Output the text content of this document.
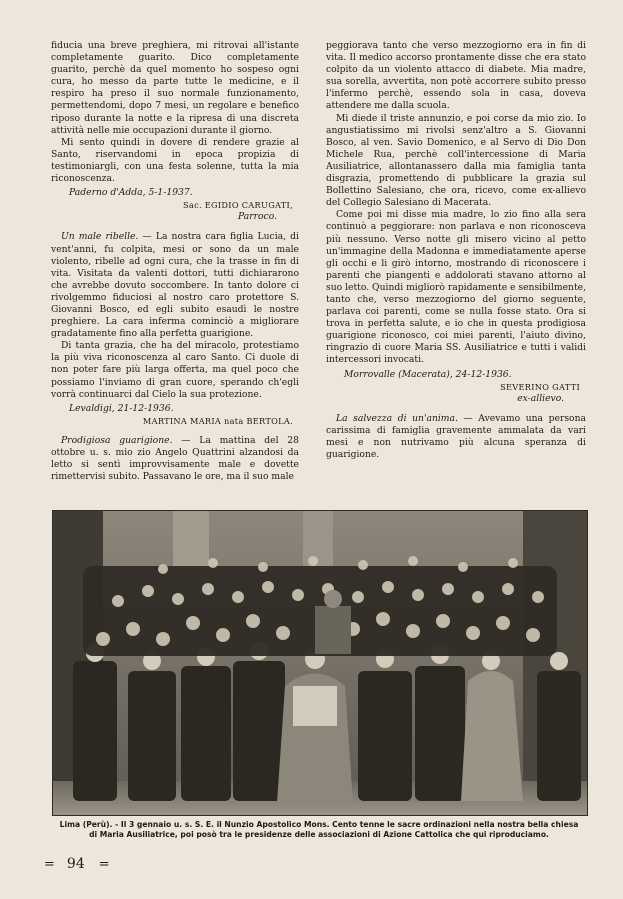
fiducia una breve preghiera, mi ritrovai all'istante completamente guarito. Dico completamente guarito, perchè da quel momento ho sospeso ogni cura, ho messo da parte tutte le medicine, e il respiro ha preso il suo normale funzionamento, permettendomi, dopo 7 mesi, un regolare e benefico riposo durante la notte e la ripresa di una discreta attività nelle mie occupazioni durante il giorno.

Mi sento quindi in dovere di rendere grazie al Santo, riservandomi in epoca propizia di testimoniargli, con una festa solenne, tutta la mia riconoscenza.

Paderno d'Adda, 5-1-1937.
Sac. EGIDIO CARUGATI,
Parroco.

Un male ribelle. — La nostra cara figlia Lucia, di vent'anni, fu colpita, mesi or sono da un male violento, ribelle ad ogni cura, che la trasse in fin di vita. Visitata da valenti dottori, tutti dichiararono che avrebbe dovuto soccombere. In tanto dolore ci rivolgemmo fiduciosi al nostro caro protettore S. Giovanni Bosco, ed egli subito esaudì le nostre preghiere. La cara inferma cominciò a migliorare gradatamente fino alla perfetta guarigione.

Di tanta grazia, che ha del miracolo, protestiamo la più viva riconoscenza al caro Santo. Ci duole di non poter fare più larga offerta, ma quel poco che possiamo l'inviamo di gran cuore, sperando ch'egli vorrà continuarci dal Cielo la sua protezione.

Levaldigi, 21-12-1936.
MARTINA MARIA nata BERTOLA.

Prodigiosa guarigione. — La mattina del 28 ottobre u. s. mio zio Angelo Quattrini alzandosi da letto si sentì improvvisamente male e dovette rimettervisi subito. Passavano le ore, ma il suo male

peggiorava tanto che verso mezzogiorno era in fin di vita. Il medico accorso prontamente disse che era stato colpito da un violento attacco di diabete. Mia madre, sua sorella, avvertita, non potè accorrere subito presso l'infermo perchè, essendo sola in casa, doveva attendere me dalla scuola.

Mi diede il triste annunzio, e poi corse da mio zio. Io angustiatissimo mi rivolsi senz'altro a S. Giovanni Bosco, al ven. Savio Domenico, e al Servo di Dio Don Michele Rua, perchè coll'intercessione di Maria Ausiliatrice, allontanassero dalla mia famiglia tanta disgrazia, promettendo di pubblicare la grazia sul Bollettino Salesiano, che ora, ricevo, come ex-allievo del Collegio Salesiano di Macerata.

Come poi mi disse mia madre, lo zio fino alla sera continuò a peggiorare: non parlava e non riconosceva più nessuno. Verso notte gli misero vicino al petto un'immagine della Madonna e immediatamente aperse gli occhi e li girò intorno, mostrando di riconoscere i parenti che piangenti e addolorati stavano attorno al suo letto. Quindi migliorò rapidamente e sensibilmente, tanto che, verso mezzogiorno del giorno seguente, parlava coi parenti, come se nulla fosse stato. Ora si trova in perfetta salute, e io che in questa prodigiosa guarigione riconosco, coi miei parenti, l'aiuto divino, ringrazio di cuore Maria SS. Ausiliatrice e tutti i validi intercessori invocati.

Morrovalle (Macerata), 24-12-1936.
SEVERINO GATTI
ex-allievo.

La salvezza di un'anima. — Avevamo una persona carissima di famiglia gravemente ammalata da vari mesi e non nutrivamo più alcuna speranza di guarigione.

Lima (Perù). - Il 3 gennaio u. s. S. E. il Nunzio Apostolico Mons. Cento tenne le sacre ordinazioni nella nostra bella chiesa di Maria Ausiliatrice, poi posò tra le presidenze delle associazioni di Azione Cattolica che qui riproduciamo.
= 94 =
